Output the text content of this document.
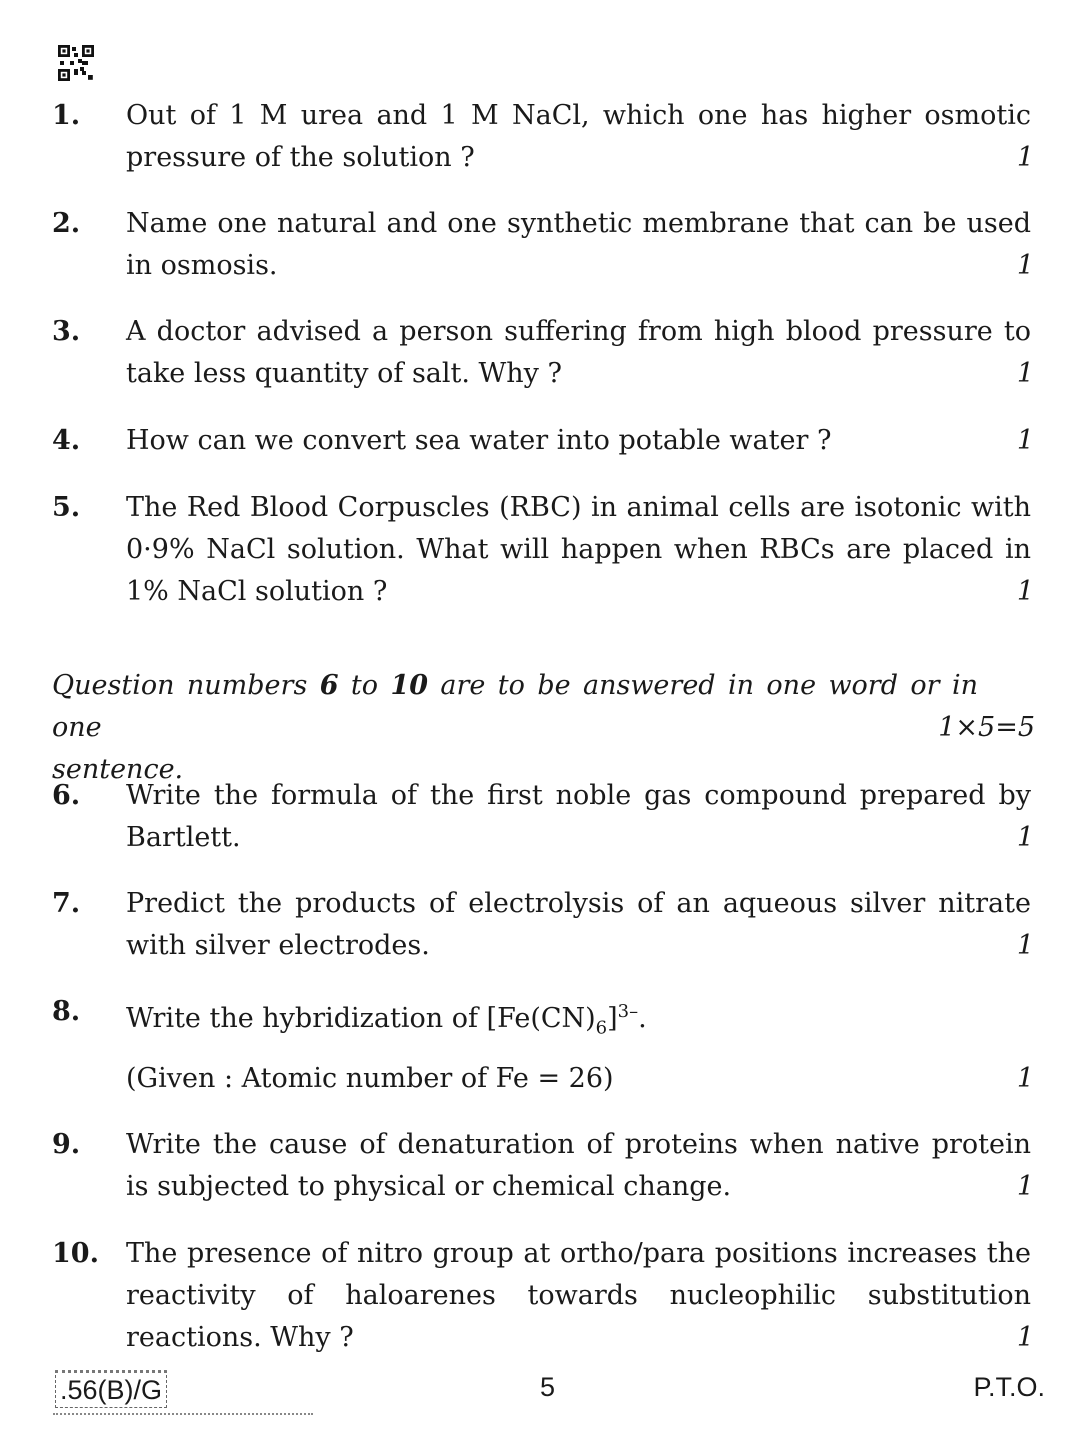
1. Out of 1 M urea and 1 M NaCl, which one has higher osmotic pressure of the solution ?	1
2. Name one natural and one synthetic membrane that can be used in osmosis.	1
3. A doctor advised a person suffering from high blood pressure to take less quantity of salt. Why ?	1
4. How can we convert sea water into potable water ?	1
5. The Red Blood Corpuscles (RBC) in animal cells are isotonic with 0·9% NaCl solution. What will happen when RBCs are placed in 1% NaCl solution ?	1
Question numbers 6 to 10 are to be answered in one word or in one
sentence.
1×5=5
6. Write the formula of the first noble gas compound prepared by Bartlett.	1
7. Predict the products of electrolysis of an aqueous silver nitrate with silver electrodes.	1
8. Write the hybridization of $[Fe(CN)_6]^{3-}$.
(Given : Atomic number of Fe = 26)	1
9. Write the cause of denaturation of proteins when native protein is subjected to physical or chemical change.	1
10. The presence of nitro group at ortho/para positions increases the reactivity of haloarenes towards nucleophilic substitution reactions. Why ?	1
.56(B)/G	5	P.T.O.
